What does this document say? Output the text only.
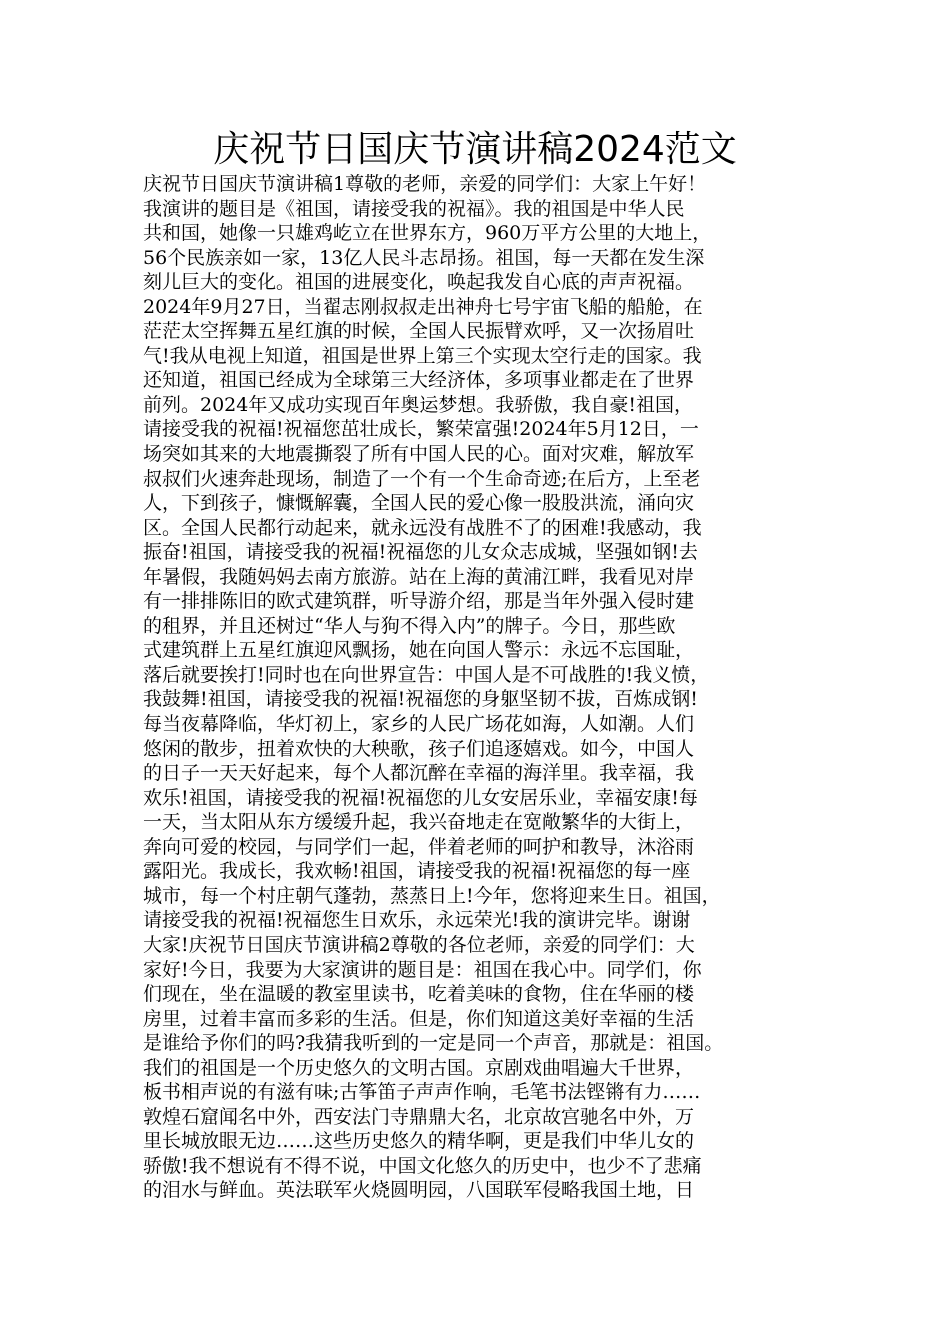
庆祝节日国庆节演讲稿2024范文
庆祝节日国庆节演讲稿1尊敬的老师，亲爱的同学们：大家上午好！
我演讲的题目是《祖国，请接受我的祝福》。我的祖国是中华人民
共和国，她像一只雄鸡屹立在世界东方，960万平方公里的大地上，
56个民族亲如一家，13亿人民斗志昂扬。祖国，每一天都在发生深
刻儿巨大的变化。祖国的进展变化，唤起我发自心底的声声祝福。
2024年9月27日，当翟志刚叔叔走出神舟七号宇宙飞船的船舱，在
茫茫太空挥舞五星红旗的时候，全国人民振臂欢呼，又一次扬眉吐
气!我从电视上知道，祖国是世界上第三个实现太空行走的国家。我
还知道，祖国已经成为全球第三大经济体，多项事业都走在了世界
前列。2024年又成功实现百年奥运梦想。我骄傲，我自豪!祖国，
请接受我的祝福!祝福您茁壮成长，繁荣富强!2024年5月12日，一
场突如其来的大地震撕裂了所有中国人民的心。面对灾难，解放军
叔叔们火速奔赴现场，制造了一个有一个生命奇迹;在后方，上至老
人，下到孩子，慷慨解囊，全国人民的爱心像一股股洪流，涌向灾
区。全国人民都行动起来，就永远没有战胜不了的困难!我感动，我
振奋!祖国，请接受我的祝福!祝福您的儿女众志成城，坚强如钢!去
年暑假，我随妈妈去南方旅游。站在上海的黄浦江畔，我看见对岸
有一排排陈旧的欧式建筑群，听导游介绍，那是当年外强入侵时建
的租界，并且还树过“华人与狗不得入内”的牌子。今日，那些欧
式建筑群上五星红旗迎风飘扬，她在向国人警示：永远不忘国耻，
落后就要挨打!同时也在向世界宣告：中国人是不可战胜的!我义愤，
我鼓舞!祖国，请接受我的祝福!祝福您的身躯坚韧不拔，百炼成钢!
每当夜幕降临，华灯初上，家乡的人民广场花如海，人如潮。人们
悠闲的散步，扭着欢快的大秧歌，孩子们追逐嬉戏。如今，中国人
的日子一天天好起来，每个人都沉醉在幸福的海洋里。我幸福，我
欢乐!祖国，请接受我的祝福!祝福您的儿女安居乐业，幸福安康!每
一天，当太阳从东方缓缓升起，我兴奋地走在宽敞繁华的大街上，
奔向可爱的校园，与同学们一起，伴着老师的呵护和教导，沐浴雨
露阳光。我成长，我欢畅!祖国，请接受我的祝福!祝福您的每一座
城市，每一个村庄朝气蓬勃，蒸蒸日上!今年，您将迎来生日。祖国，
请接受我的祝福!祝福您生日欢乐，永远荣光!我的演讲完毕。谢谢
大家!庆祝节日国庆节演讲稿2尊敬的各位老师，亲爱的同学们：大
家好!今日，我要为大家演讲的题目是：祖国在我心中。同学们，你
们现在，坐在温暖的教室里读书，吃着美味的食物，住在华丽的楼
房里，过着丰富而多彩的生活。但是，你们知道这美好幸福的生活
是谁给予你们的吗?我猜我听到的一定是同一个声音，那就是：祖国。
我们的祖国是一个历史悠久的文明古国。京剧戏曲唱遍大千世界，
板书相声说的有滋有味;古筝笛子声声作响，毛笔书法铿锵有力……
敦煌石窟闻名中外，西安法门寺鼎鼎大名，北京故宫驰名中外，万
里长城放眼无边……这些历史悠久的精华啊，更是我们中华儿女的
骄傲!我不想说有不得不说，中国文化悠久的历史中，也少不了悲痛
的泪水与鲜血。英法联军火烧圆明园，八国联军侵略我国土地，日
